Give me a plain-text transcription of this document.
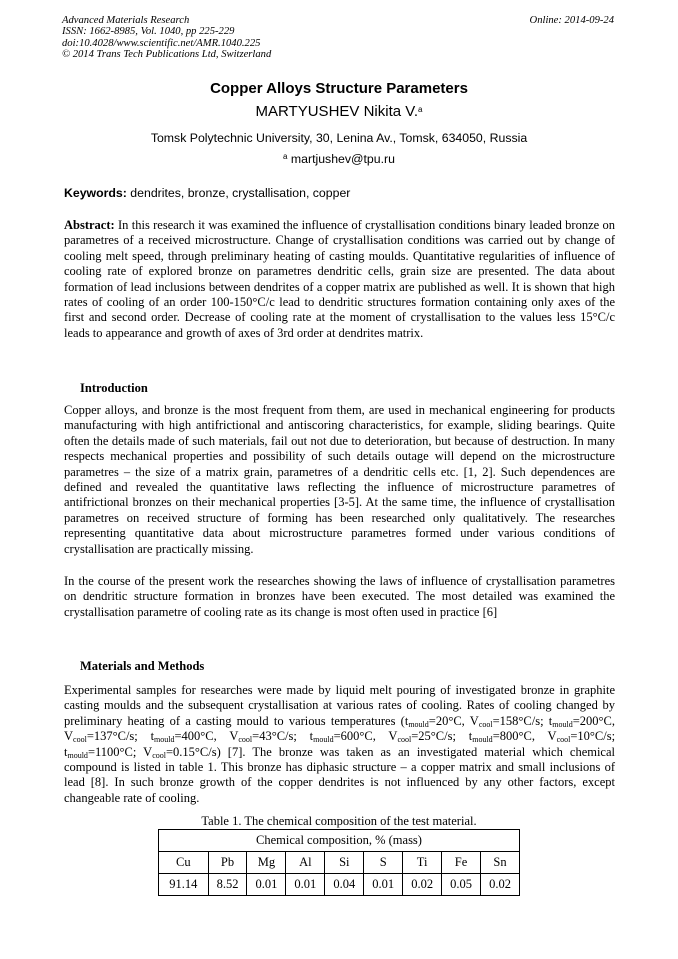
Advanced Materials Research
ISSN: 1662-8985, Vol. 1040, pp 225-229
doi:10.4028/www.scientific.net/AMR.1040.225
© 2014 Trans Tech Publications Ltd, Switzerland
Online: 2014-09-24
Copper Alloys Structure Parameters
MARTYUSHEV Nikita V.$^a$
Tomsk Polytechnic University, 30, Lenina Av., Tomsk, 634050, Russia
$^a$ martjushev@tpu.ru
Keywords: dendrites, bronze, crystallisation, copper

Abstract: In this research it was examined the influence of crystallisation conditions binary leaded bronze on parametres of a received microstructure. Change of crystallisation conditions was carried out by change of cooling melt speed, through preliminary heating of casting moulds. Quantitative regularities of influence of cooling rate of explored bronze on parametres dendritic cells, grain size are presented. The data about formation of lead inclusions between dendrites of a copper matrix are published as well. It is shown that high rates of cooling of an order 100-150°C/c lead to dendritic structures formation containing only axes of the first and second order. Decrease of cooling rate at the moment of crystallisation to the values less 15°C/c leads to appearance and growth of axes of 3rd order at dendrites matrix.

Introduction

Copper alloys, and bronze is the most frequent from them, are used in mechanical engineering for products manufacturing with high antifrictional and antiscoring characteristics, for example, sliding bearings. Quite often the details made of such materials, fail out not due to deterioration, but because of destruction. In many respects mechanical properties and possibility of such details outage will depend on the microstructure parametres – the size of a matrix grain, parametres of a dendritic cells etc. [1, 2]. Such dependences are defined and revealed the quantitative laws reflecting the influence of microstructure parametres of antifrictional bronzes on their mechanical properties [3-5]. At the same time, the influence of crystallisation parametres on received structure of forming has been researched only qualitatively. The researches representing quantitative data about microstructure parametres formed under various conditions of crystallisation are practically missing.

In the course of the present work the researches showing the laws of influence of crystallisation parametres on dendritic structure formation in bronzes have been executed. The most detailed was examined the crystallisation parametre of cooling rate as its change is most often used in practice [6]

Materials and Methods

Experimental samples for researches were made by liquid melt pouring of investigated bronze in graphite casting moulds and the subsequent crystallisation at various rates of cooling. Rates of cooling changed by preliminary heating of a casting mould to various temperatures ($t_{mould}=20^\circ C$, $V_{cool}=158^\circ C/s$; $t_{mould}=200^\circ C$, $V_{cool}=137^\circ C/s$; $t_{mould}=400^\circ C$, $V_{cool}=43^\circ C/s$; $t_{mould}=600^\circ C$, $V_{cool}=25^\circ C/s$; $t_{mould}=800^\circ C$, $V_{cool}=10^\circ C/s$; $t_{mould}=1100^\circ C$; $V_{cool}=0.15^\circ C/s$) [7]. The bronze was taken as an investigated material which chemical compound is listed in table 1. This bronze has diphasic structure – a copper matrix and small inclusions of lead [8]. In such bronze growth of the copper dendrites is not influenced by any other factors, except changeable rate of cooling.

Table 1. The chemical composition of the test material.
Chemical composition, % (mass)								
Cu	Pb	Mg	Al	Si	S	Ti	Fe	Sn
91.14	8.52	0.01	0.01	0.04	0.01	0.02	0.05	0.02
